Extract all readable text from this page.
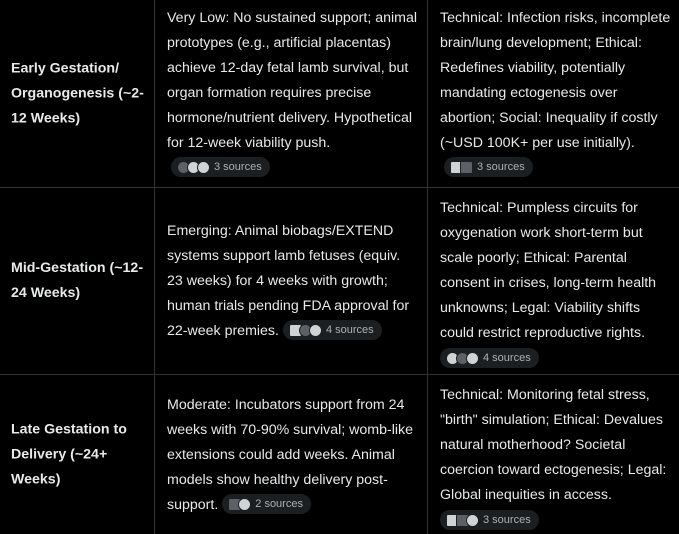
Early Gestation/ Organogenesis (~2-12 Weeks)
Very Low: No sustained support; animal prototypes (e.g., artificial placentas) achieve 12-day fetal lamb survival, but organ formation requires precise hormone/nutrient delivery. Hypothetical for 12-week viability push.
3 sources
Technical: Infection risks, incomplete brain/lung development; Ethical: Redefines viability, potentially mandating ectogenesis over abortion; Social: Inequality if costly (~USD 100K+ per use initially).
3 sources
Mid-Gestation (~12-24 Weeks)
Emerging: Animal biobags/EXTEND systems support lamb fetuses (equiv. 23 weeks) for 4 weeks with growth; human trials pending FDA approval for 22-week premies.	4 sources
Technical: Pumpless circuits for oxygenation work short-term but scale poorly; Ethical: Parental consent in crises, long-term health unknowns; Legal: Viability shifts could restrict reproductive rights.

4 sources
Late Gestation to Delivery (~24+ Weeks)
Moderate: Incubators support from 24 weeks with 70-90% survival; womb-like extensions could add weeks. Animal models show healthy delivery post-support.	2 sources
Technical: Monitoring fetal stress, "birth" simulation; Ethical: Devalues natural motherhood? Societal coercion toward ectogenesis; Legal: Global inequities in access.

3 sources
